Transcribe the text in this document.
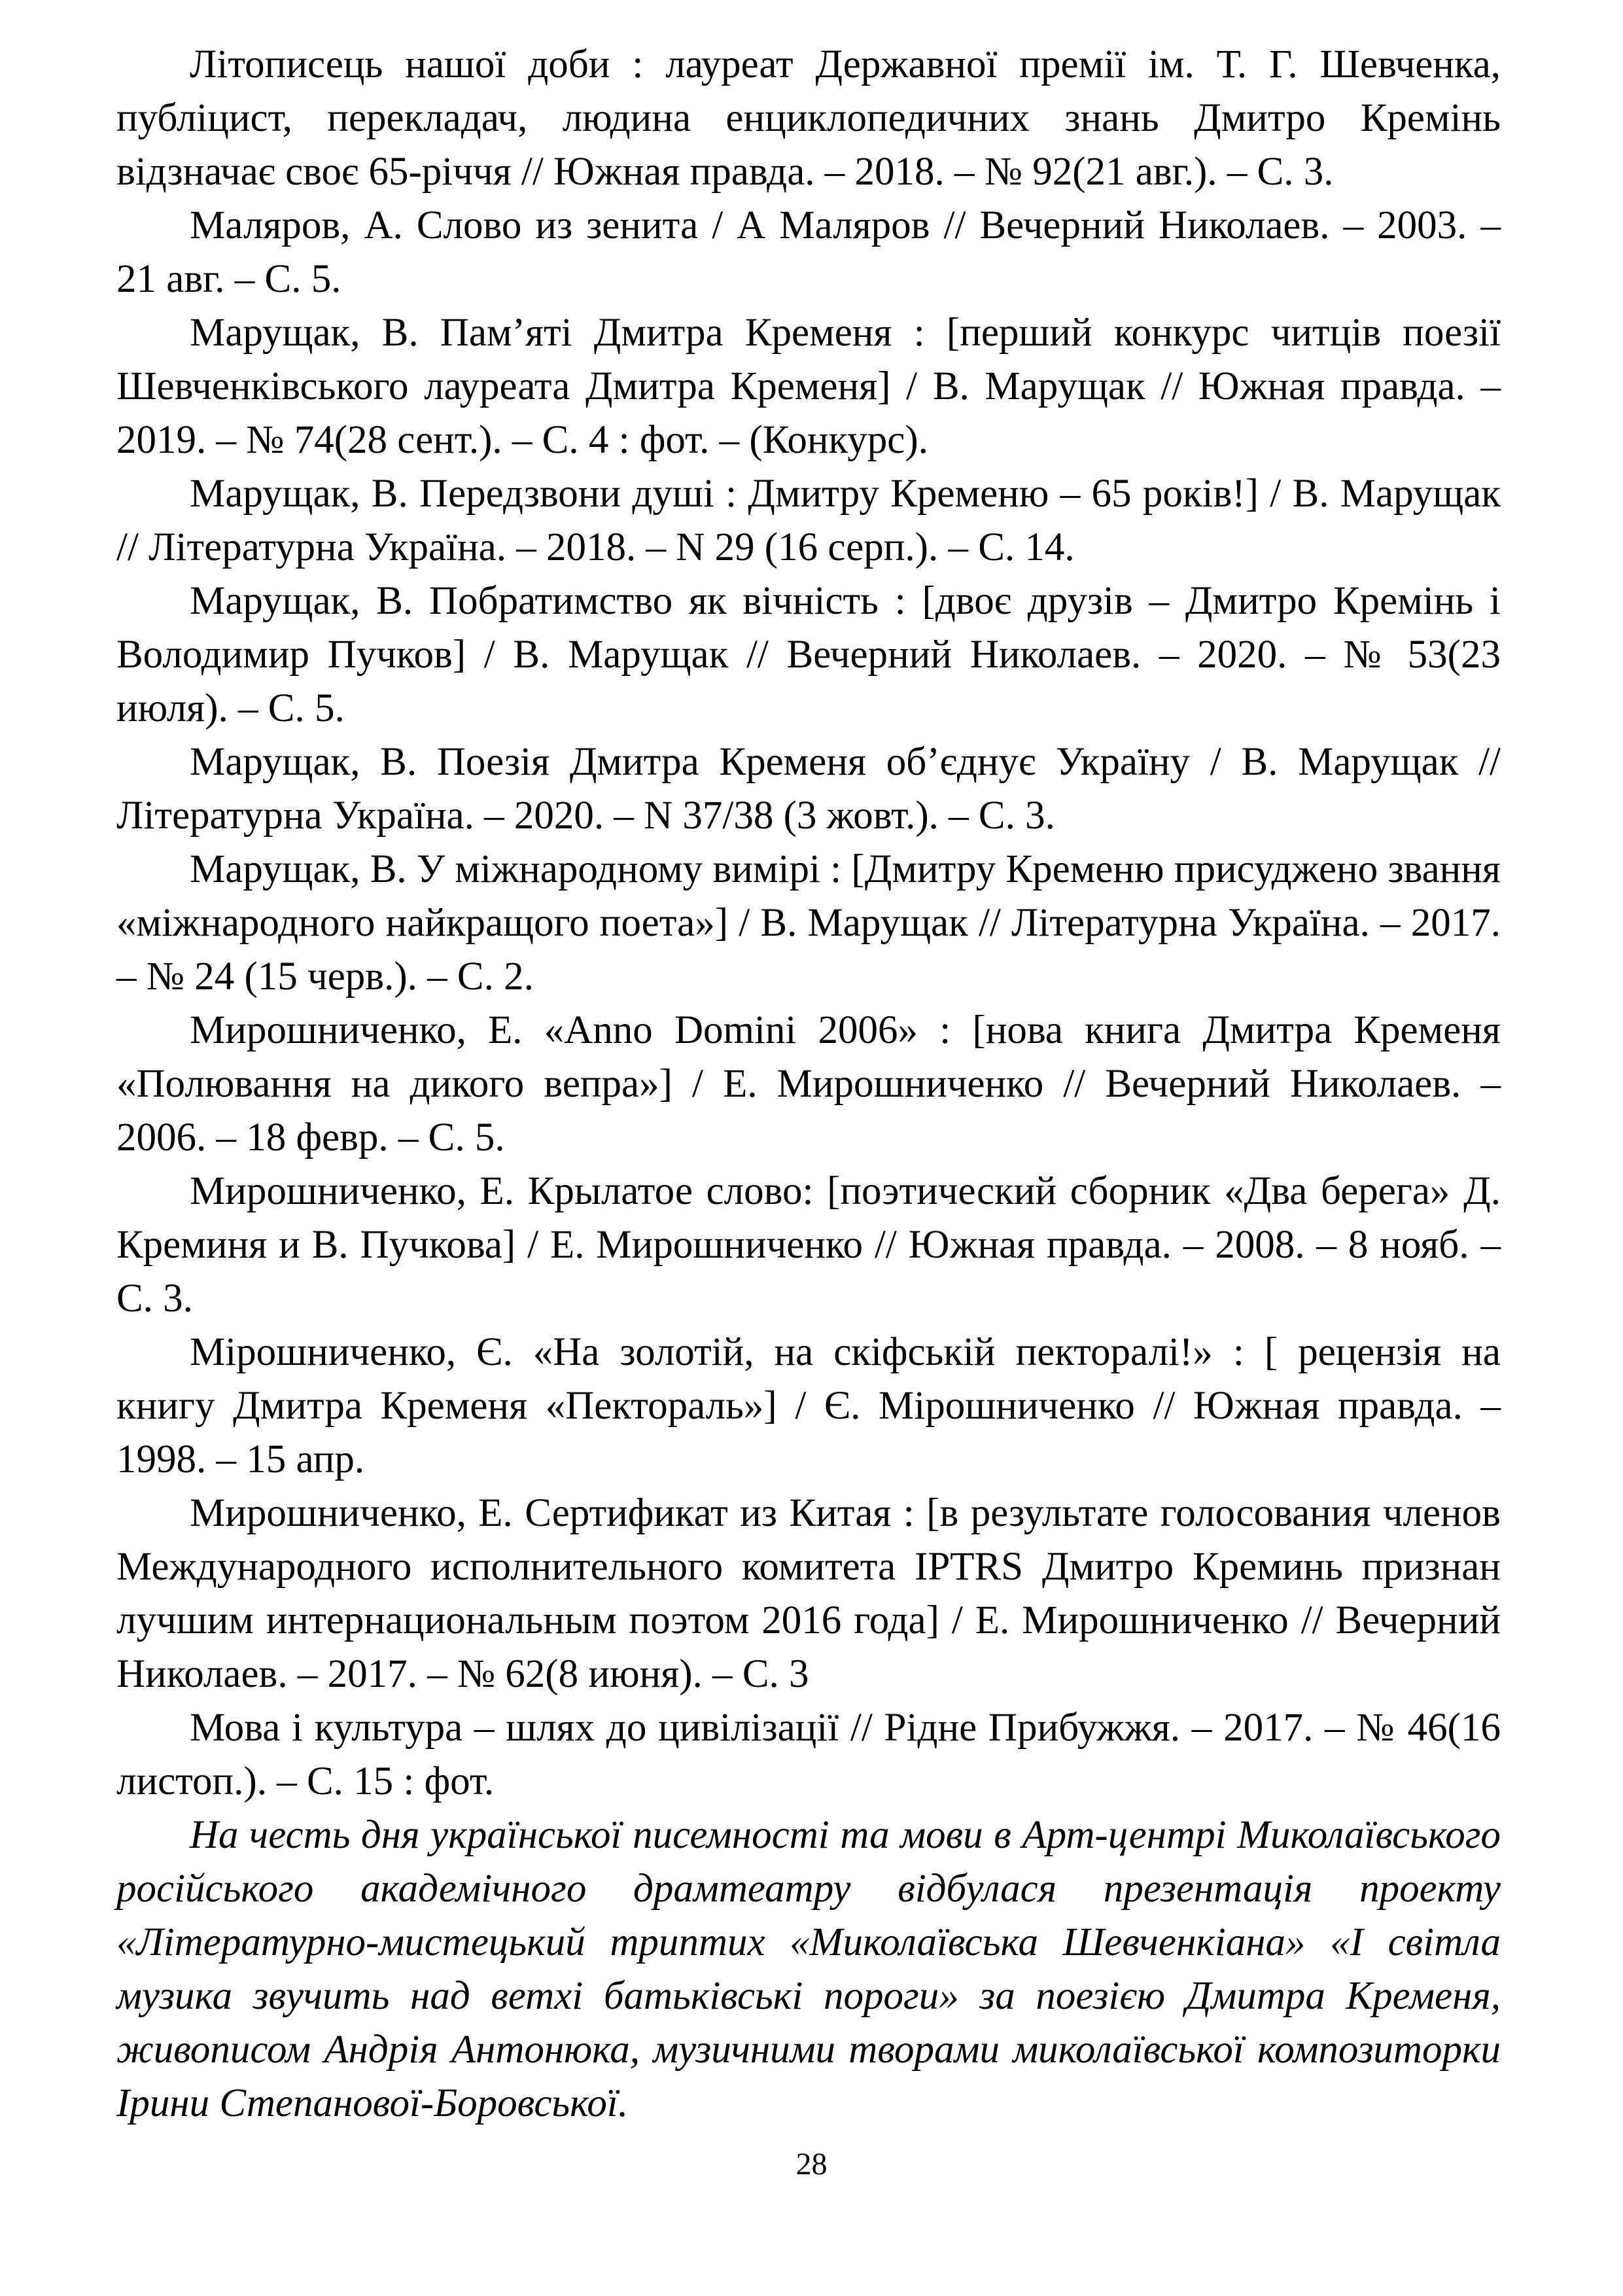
Літописець нашої доби : лауреат Державної премії ім. Т. Г. Шевченка, публіцист, перекладач, людина енциклопедичних знань Дмитро Кремінь відзначає своє 65-річчя // Южная правда. – 2018. – № 92(21 авг.). – С. 3.

Маляров, А. Слово из зенита / А Маляров // Вечерний Николаев. – 2003. – 21 авг. – С. 5.

Марущак, В. Пам’яті Дмитра Кременя : [перший конкурс читців поезії Шевченківського лауреата Дмитра Кременя] / В. Марущак // Южная правда. – 2019. – № 74(28 сент.). – С. 4 : фот. – (Конкурс).

Марущак, В. Передзвони душі : Дмитру Кременю – 65 років!] / В. Марущак // Літературна Україна. – 2018. – N 29 (16 серп.). – С. 14.

Марущак, В. Побратимство як вічність : [двоє друзів – Дмитро Кремінь і Володимир Пучков] / В. Марущак // Вечерний Николаев. – 2020. – № 53(23 июля). – С. 5.

Марущак, В. Поезія Дмитра Кременя об’єднує Україну / В. Марущак // Літературна Україна. – 2020. – N 37/38 (3 жовт.). – С. 3.

Марущак, В. У міжнародному вимірі : [Дмитру Кременю присуджено звання «міжнародного найкращого поета»] / В. Марущак // Літературна Україна. – 2017. – № 24 (15 черв.). – С. 2.

Мирошниченко, Е. «Anno Domini 2006» : [нова книга Дмитра Кременя «Полювання на дикого вепра»] / Е. Мирошниченко // Вечерний Николаев. – 2006. – 18 февр. – С. 5.

Мирошниченко, Е. Крылатое слово: [поэтический сборник «Два берега» Д. Креминя и В. Пучкова] / Е. Мирошниченко // Южная правда. – 2008. – 8 нояб. – С. 3.

Мірошниченко, Є. «На золотій, на скіфській пекторалі!» : [ рецензія на книгу Дмитра Кременя «Пектораль»] / Є. Мірошниченко // Южная правда. – 1998. – 15 апр.

Мирошниченко, Е. Сертификат из Китая : [в результате голосования членов Международного исполнительного комитета IPTRS Дмитро Креминь признан лучшим интернациональным поэтом 2016 года] / Е. Мирошниченко // Вечерний Николаев. – 2017. – № 62(8 июня). – С. 3

Мова і культура – шлях до цивілізації // Рідне Прибужжя. – 2017. – № 46(16 листоп.). – С. 15 : фот.

На честь дня української писемності та мови в Арт-центрі Миколаївського російського академічного драмтеатру відбулася презентація проекту «Літературно-мистецький триптих «Миколаївська Шевченкіана» «І світла музика звучить над ветхі батьківські пороги» за поезією Дмитра Кременя, живописом Андрія Антонюка, музичними творами миколаївської композиторки Ірини Степанової-Боровської.

28
